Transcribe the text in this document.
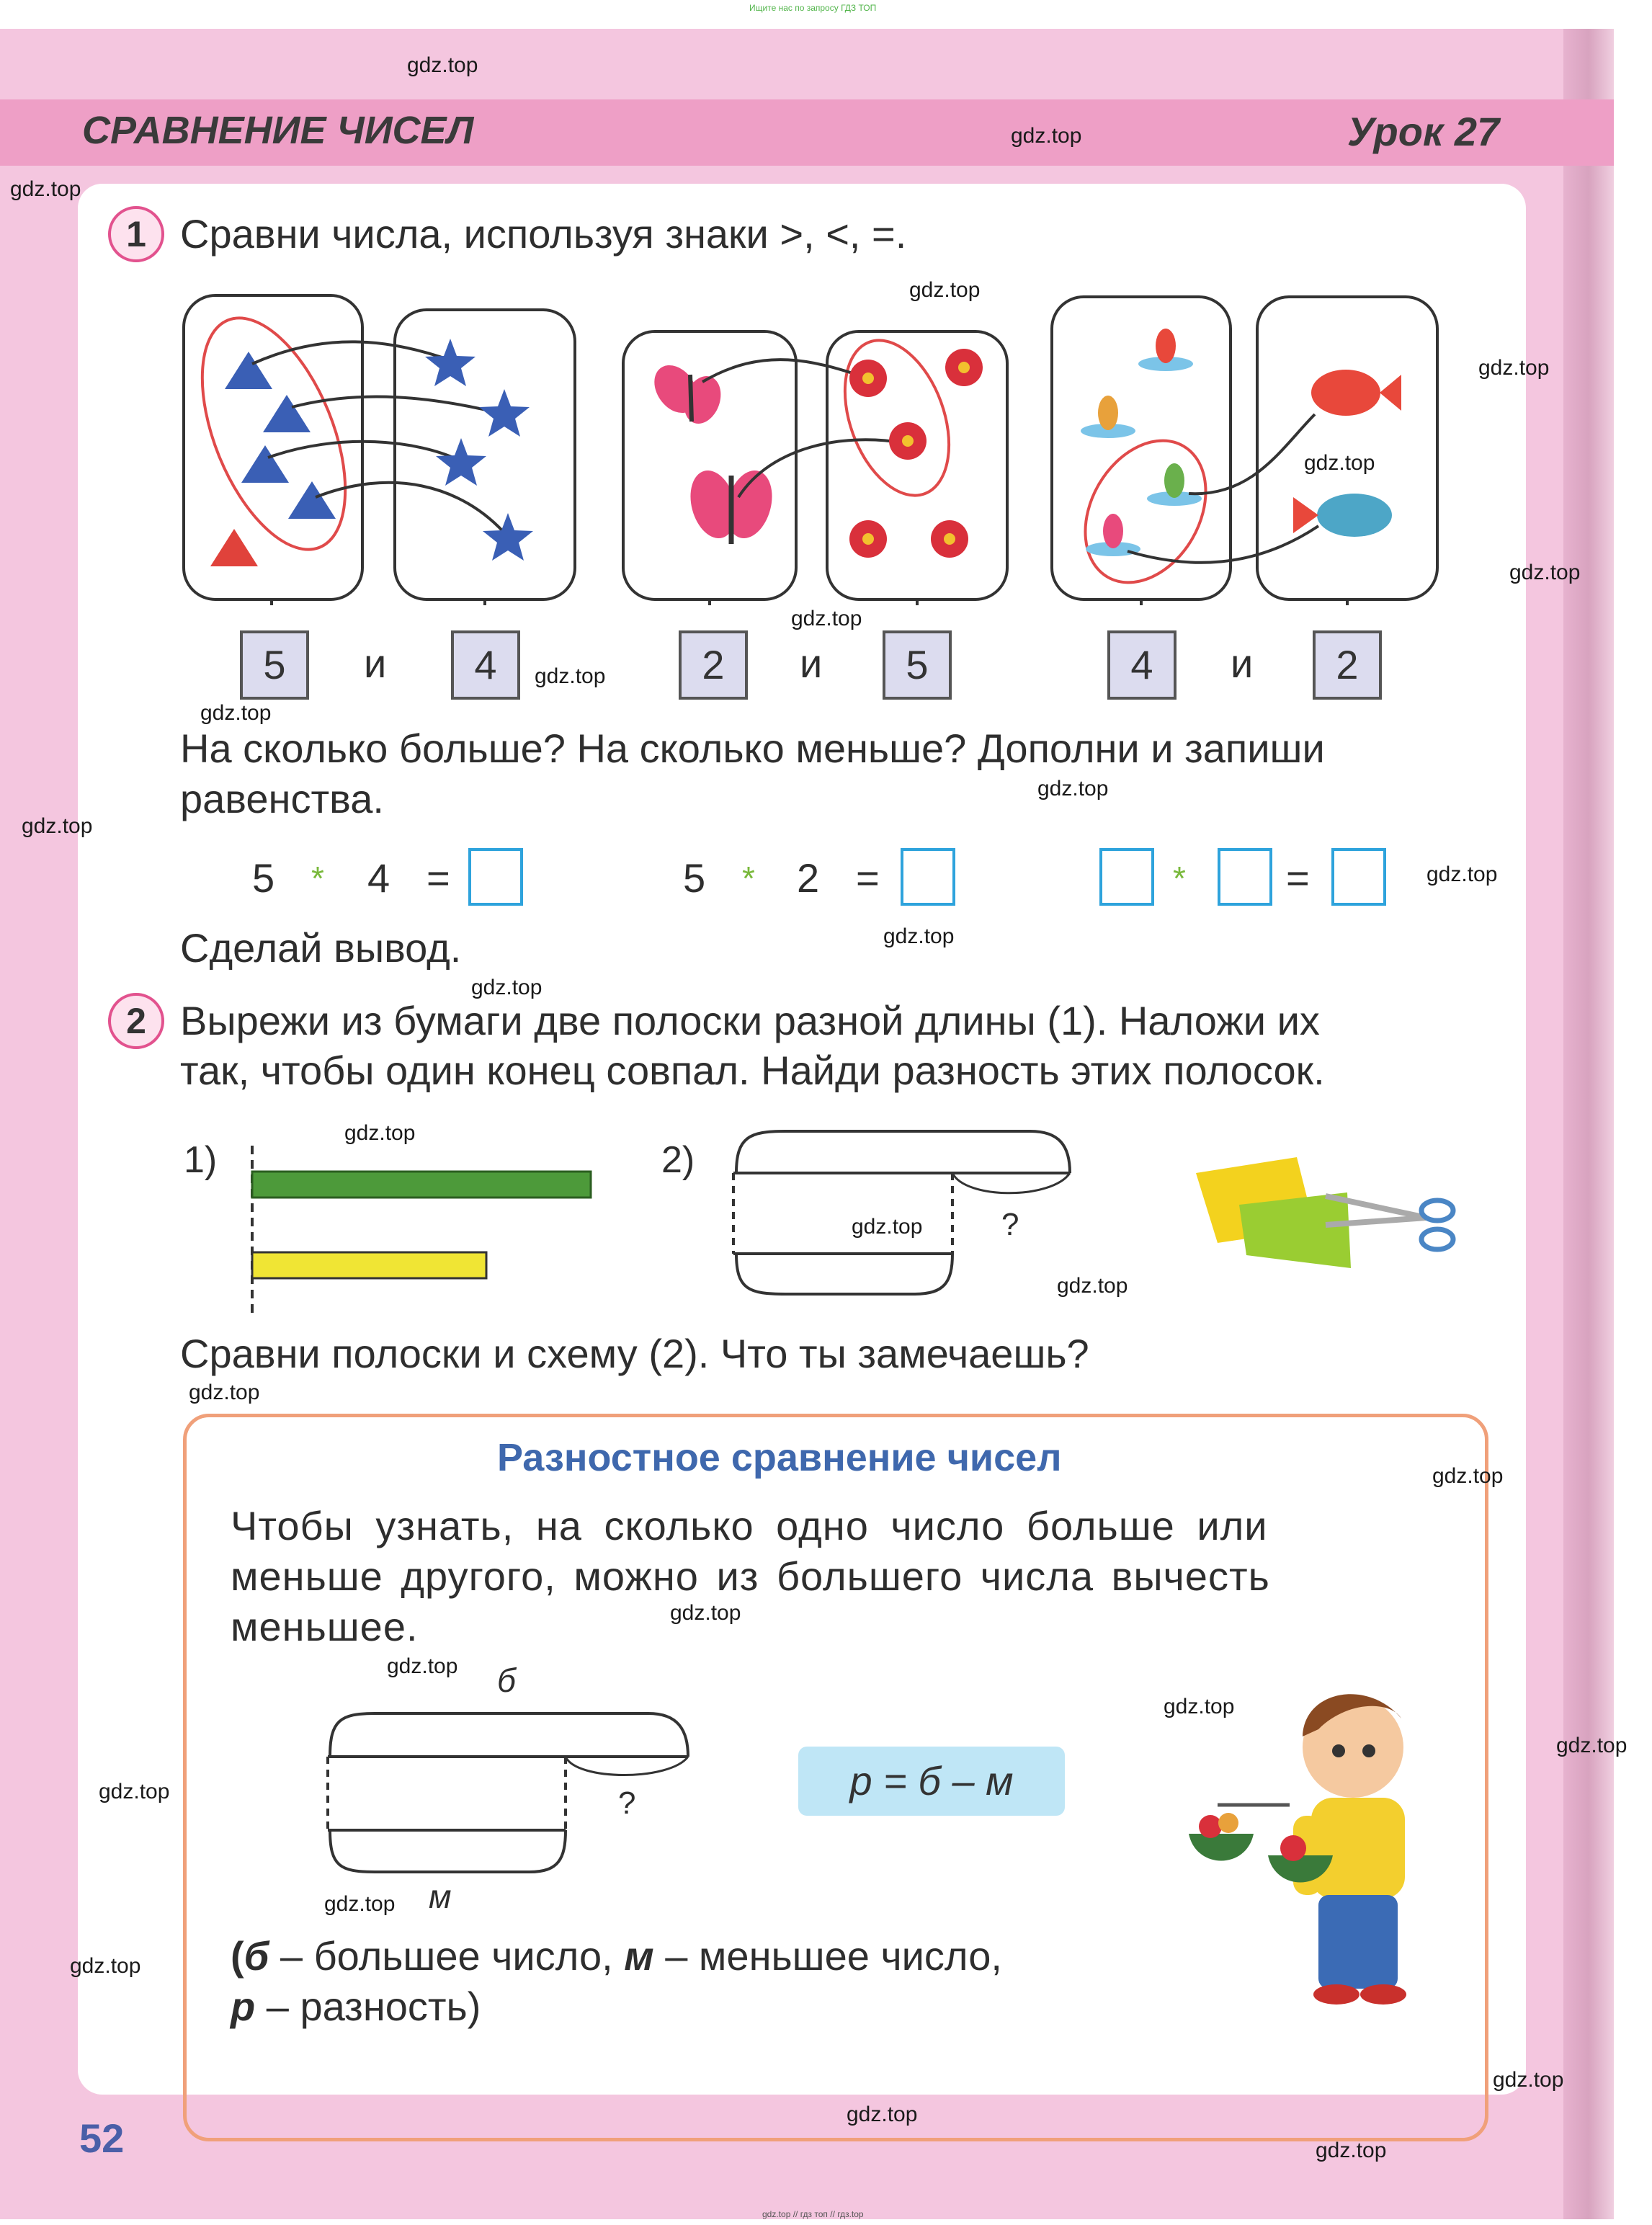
Ищите нас по запросу ГДЗ ТОП
СРАВНЕНИЕ ЧИСЕЛ	Урок 27
1 Сравни числа, используя знаки >, <, =.
5	и	4	2	и	5	4	и	2
На сколько больше? На сколько меньше? Дополни и запиши
равенства.
5 * 4 =	5 * 2 =	* =
Сделай вывод.
2 Вырежи из бумаги две полоски разной длины (1). Наложи их
так, чтобы один конец совпал. Найди разность этих полосок.
1)	2)
?
Сравни полоски и схему (2). Что ты замечаешь?
Разностное сравнение чисел
Чтобы узнать, на сколько одно число больше или
меньше другого, можно из большего числа вычесть
меньшее.
б
?
м
р = б – м
(б – большее число, м – меньшее число,
р – разность)
52
gdz.top
gdz.top
gdz.top
gdz.top
gdz.top
gdz.top
gdz.top
gdz.top
gdz.top
gdz.top
gdz.top
gdz.top
gdz.top
gdz.top
gdz.top
gdz.top
gdz.top
gdz.top
gdz.top
gdz.top
gdz.top
gdz.top
gdz.top
gdz.top
gdz.top
gdz.top
gdz.top
gdz.top
gdz.top
gdz.top
gdz.top // гдз топ // гдз.top
